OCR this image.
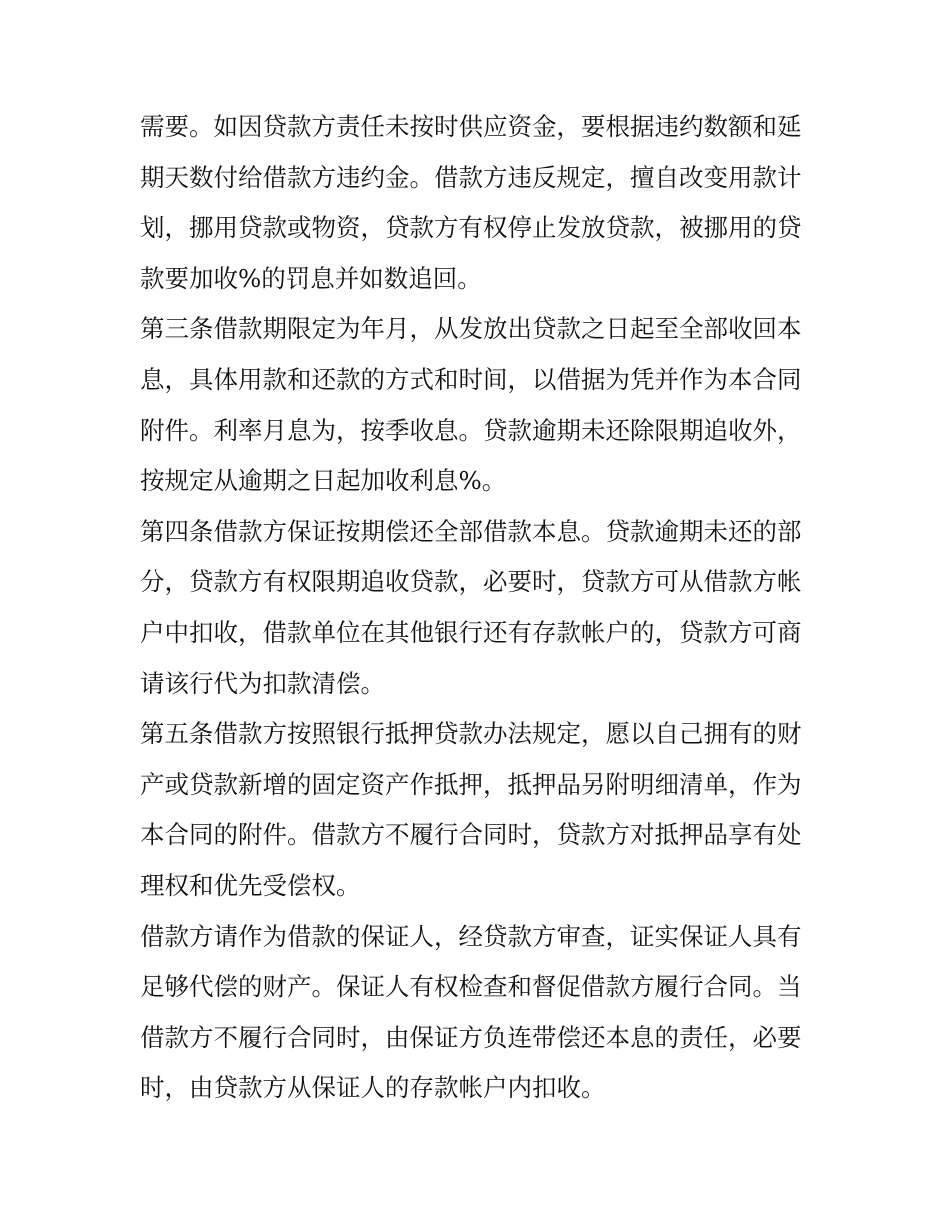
需要。如因贷款方责任未按时供应资金，要根据违约数额和延
期天数付给借款方违约金。借款方违反规定，擅自改变用款计
划，挪用贷款或物资，贷款方有权停止发放贷款，被挪用的贷
款要加收%的罚息并如数追回。
第三条借款期限定为年月，从发放出贷款之日起至全部收回本
息，具体用款和还款的方式和时间，以借据为凭并作为本合同
附件。利率月息为，按季收息。贷款逾期未还除限期追收外，
按规定从逾期之日起加收利息%。
第四条借款方保证按期偿还全部借款本息。贷款逾期未还的部
分，贷款方有权限期追收贷款，必要时，贷款方可从借款方帐
户中扣收，借款单位在其他银行还有存款帐户的，贷款方可商
请该行代为扣款清偿。
第五条借款方按照银行抵押贷款办法规定，愿以自己拥有的财
产或贷款新增的固定资产作抵押，抵押品另附明细清单，作为
本合同的附件。借款方不履行合同时，贷款方对抵押品享有处
理权和优先受偿权。
借款方请作为借款的保证人，经贷款方审查，证实保证人具有
足够代偿的财产。保证人有权检查和督促借款方履行合同。当
借款方不履行合同时，由保证方负连带偿还本息的责任，必要
时，由贷款方从保证人的存款帐户内扣收。
